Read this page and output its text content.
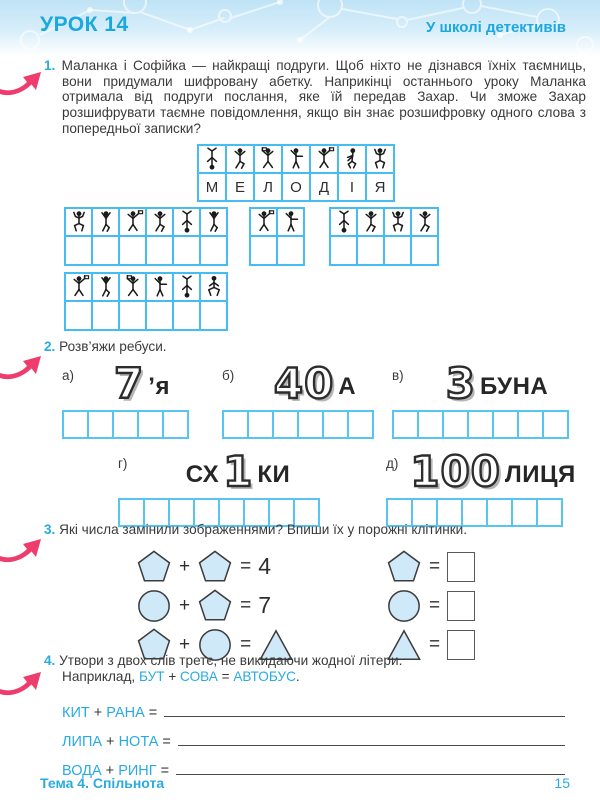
УРОК 14	У школі детективів

1. Маланка і Софійка — найкращі подруги. Щоб ніхто не дізнався їхніх таємниць, вони придумали шифровану абетку. Наприкінці останнього уроку Маланка отримала від подруги послання, яке їй передав Захар. Чи зможе Захар розшифрувати таємне повідомлення, якщо він знає розшифровку одного слова з попередньої записки?

М	Е	Л	О	Д	І	Я

2. Розв’яжи ребуси.

а) 7 ’я	б) 40 А	в) 3 БУНА
г) СХ 1 КИ	д) 100 ЛИЦЯ

3. Які числа замінили зображеннями? Впиши їх у порожні клітинки.

+	= 4
+	= 7
+	=
=
=
=

4. Утвори з двох слів третє, не викидаючи жодної літери.
Наприклад, БУТ + СОВА = АВТОБУС.

КИТ + РАНА =
ЛИПА + НОТА =
ВОДА + РИНГ =
Тема 4. Спільнота	15
